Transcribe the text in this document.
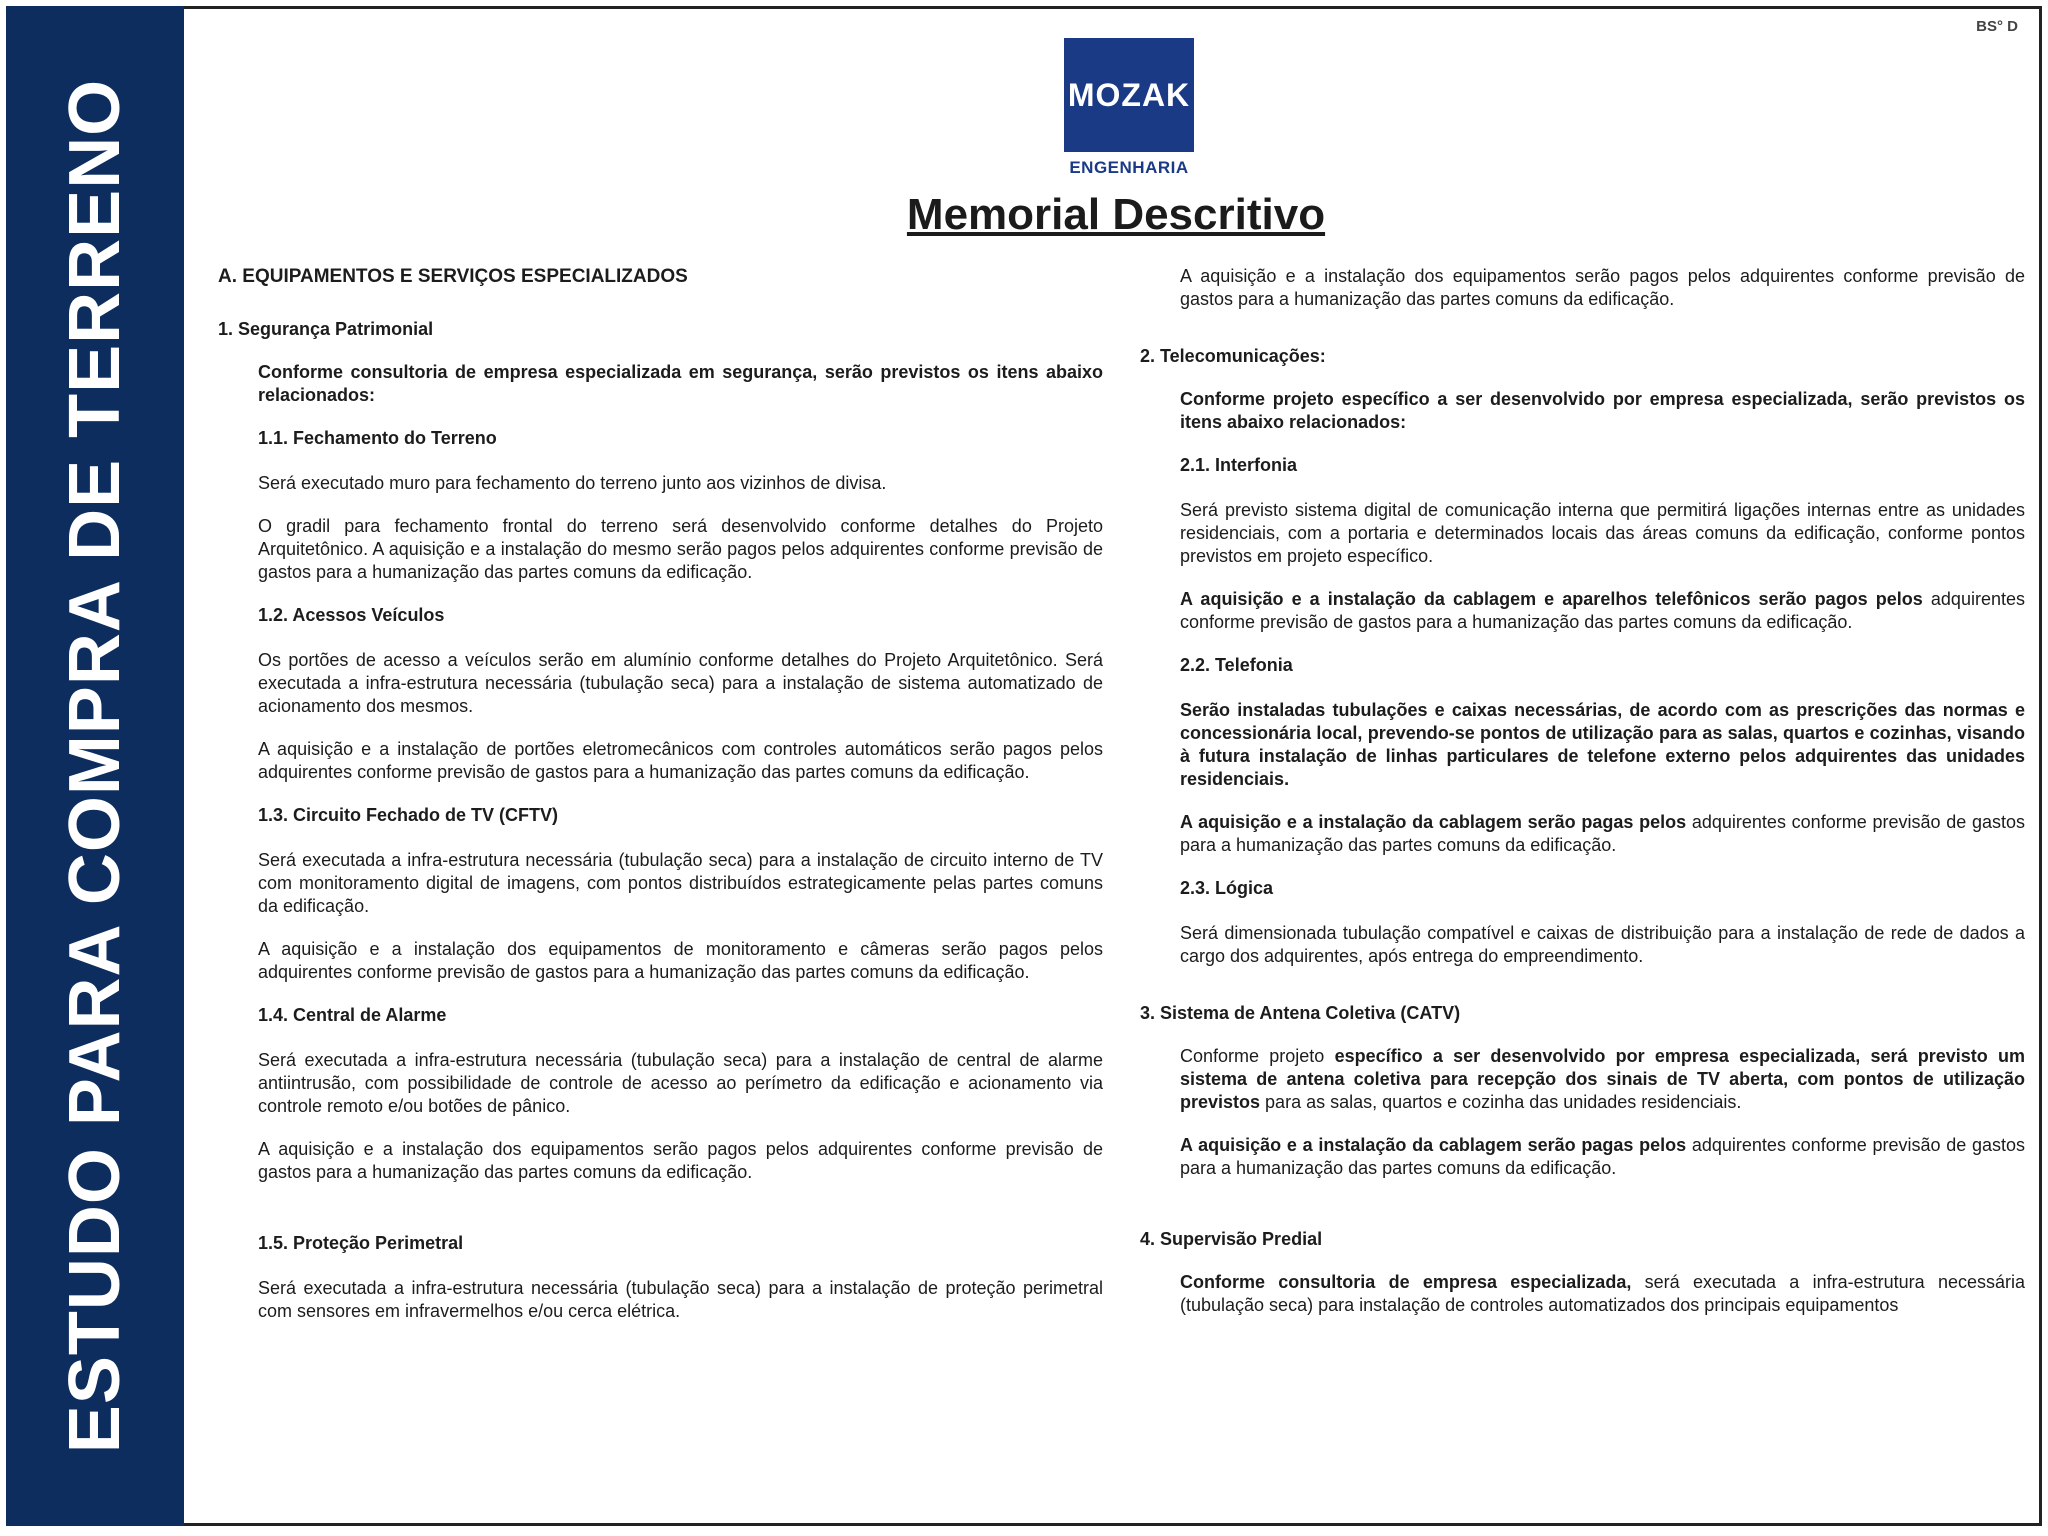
ESTUDO PARA COMPRA DE TERRENO
BS° D
MOZAK
ENGENHARIA
Memorial Descritivo

A. EQUIPAMENTOS E SERVIÇOS ESPECIALIZADOS

1. Segurança Patrimonial

Conforme consultoria de empresa especializada em segurança, serão previstos os itens abaixo relacionados:

1.1. Fechamento do Terreno

Será executado muro para fechamento do terreno junto aos vizinhos de divisa.

O gradil para fechamento frontal do terreno será desenvolvido conforme detalhes do Projeto Arquitetônico. A aquisição e a instalação do mesmo serão pagos pelos adquirentes conforme previsão de gastos para a humanização das partes comuns da edificação.

1.2. Acessos Veículos

Os portões de acesso a veículos serão em alumínio conforme detalhes do Projeto Arquitetônico. Será executada a infra-estrutura necessária (tubulação seca) para a instalação de sistema automatizado de acionamento dos mesmos.

A aquisição e a instalação de portões eletromecânicos com controles automáticos serão pagos pelos adquirentes conforme previsão de gastos para a humanização das partes comuns da edificação.

1.3. Circuito Fechado de TV (CFTV)

Será executada a infra-estrutura necessária (tubulação seca) para a instalação de circuito interno de TV com monitoramento digital de imagens, com pontos distribuídos estrategicamente pelas partes comuns da edificação.

A aquisição e a instalação dos equipamentos de monitoramento e câmeras serão pagos pelos adquirentes conforme previsão de gastos para a humanização das partes comuns da edificação.

1.4. Central de Alarme

Será executada a infra-estrutura necessária (tubulação seca) para a instalação de central de alarme antiintrusão, com possibilidade de controle de acesso ao perímetro da edificação e acionamento via controle remoto e/ou botões de pânico.

A aquisição e a instalação dos equipamentos serão pagos pelos adquirentes conforme previsão de gastos para a humanização das partes comuns da edificação.

1.5. Proteção Perimetral

Será executada a infra-estrutura necessária (tubulação seca) para a instalação de proteção perimetral com sensores em infravermelhos e/ou cerca elétrica.

A aquisição e a instalação dos equipamentos serão pagos pelos adquirentes conforme previsão de gastos para a humanização das partes comuns da edificação.

2. Telecomunicações:

Conforme projeto específico a ser desenvolvido por empresa especializada, serão previstos os itens abaixo relacionados:

2.1. Interfonia

Será previsto sistema digital de comunicação interna que permitirá ligações internas entre as unidades residenciais, com a portaria e determinados locais das áreas comuns da edificação, conforme pontos previstos em projeto específico.

A aquisição e a instalação da cablagem e aparelhos telefônicos serão pagos pelos adquirentes conforme previsão de gastos para a humanização das partes comuns da edificação.

2.2. Telefonia

Serão instaladas tubulações e caixas necessárias, de acordo com as prescrições das normas e concessionária local, prevendo-se pontos de utilização para as salas, quartos e cozinhas, visando à futura instalação de linhas particulares de telefone externo pelos adquirentes das unidades residenciais.

A aquisição e a instalação da cablagem serão pagas pelos adquirentes conforme previsão de gastos para a humanização das partes comuns da edificação.

2.3. Lógica

Será dimensionada tubulação compatível e caixas de distribuição para a instalação de rede de dados a cargo dos adquirentes, após entrega do empreendimento.

3. Sistema de Antena Coletiva (CATV)

Conforme projeto específico a ser desenvolvido por empresa especializada, será previsto um sistema de antena coletiva para recepção dos sinais de TV aberta, com pontos de utilização previstos para as salas, quartos e cozinha das unidades residenciais.

A aquisição e a instalação da cablagem serão pagas pelos adquirentes conforme previsão de gastos para a humanização das partes comuns da edificação.

4. Supervisão Predial

Conforme consultoria de empresa especializada, será executada a infra-estrutura necessária (tubulação seca) para instalação de controles automatizados dos principais equipamentos
